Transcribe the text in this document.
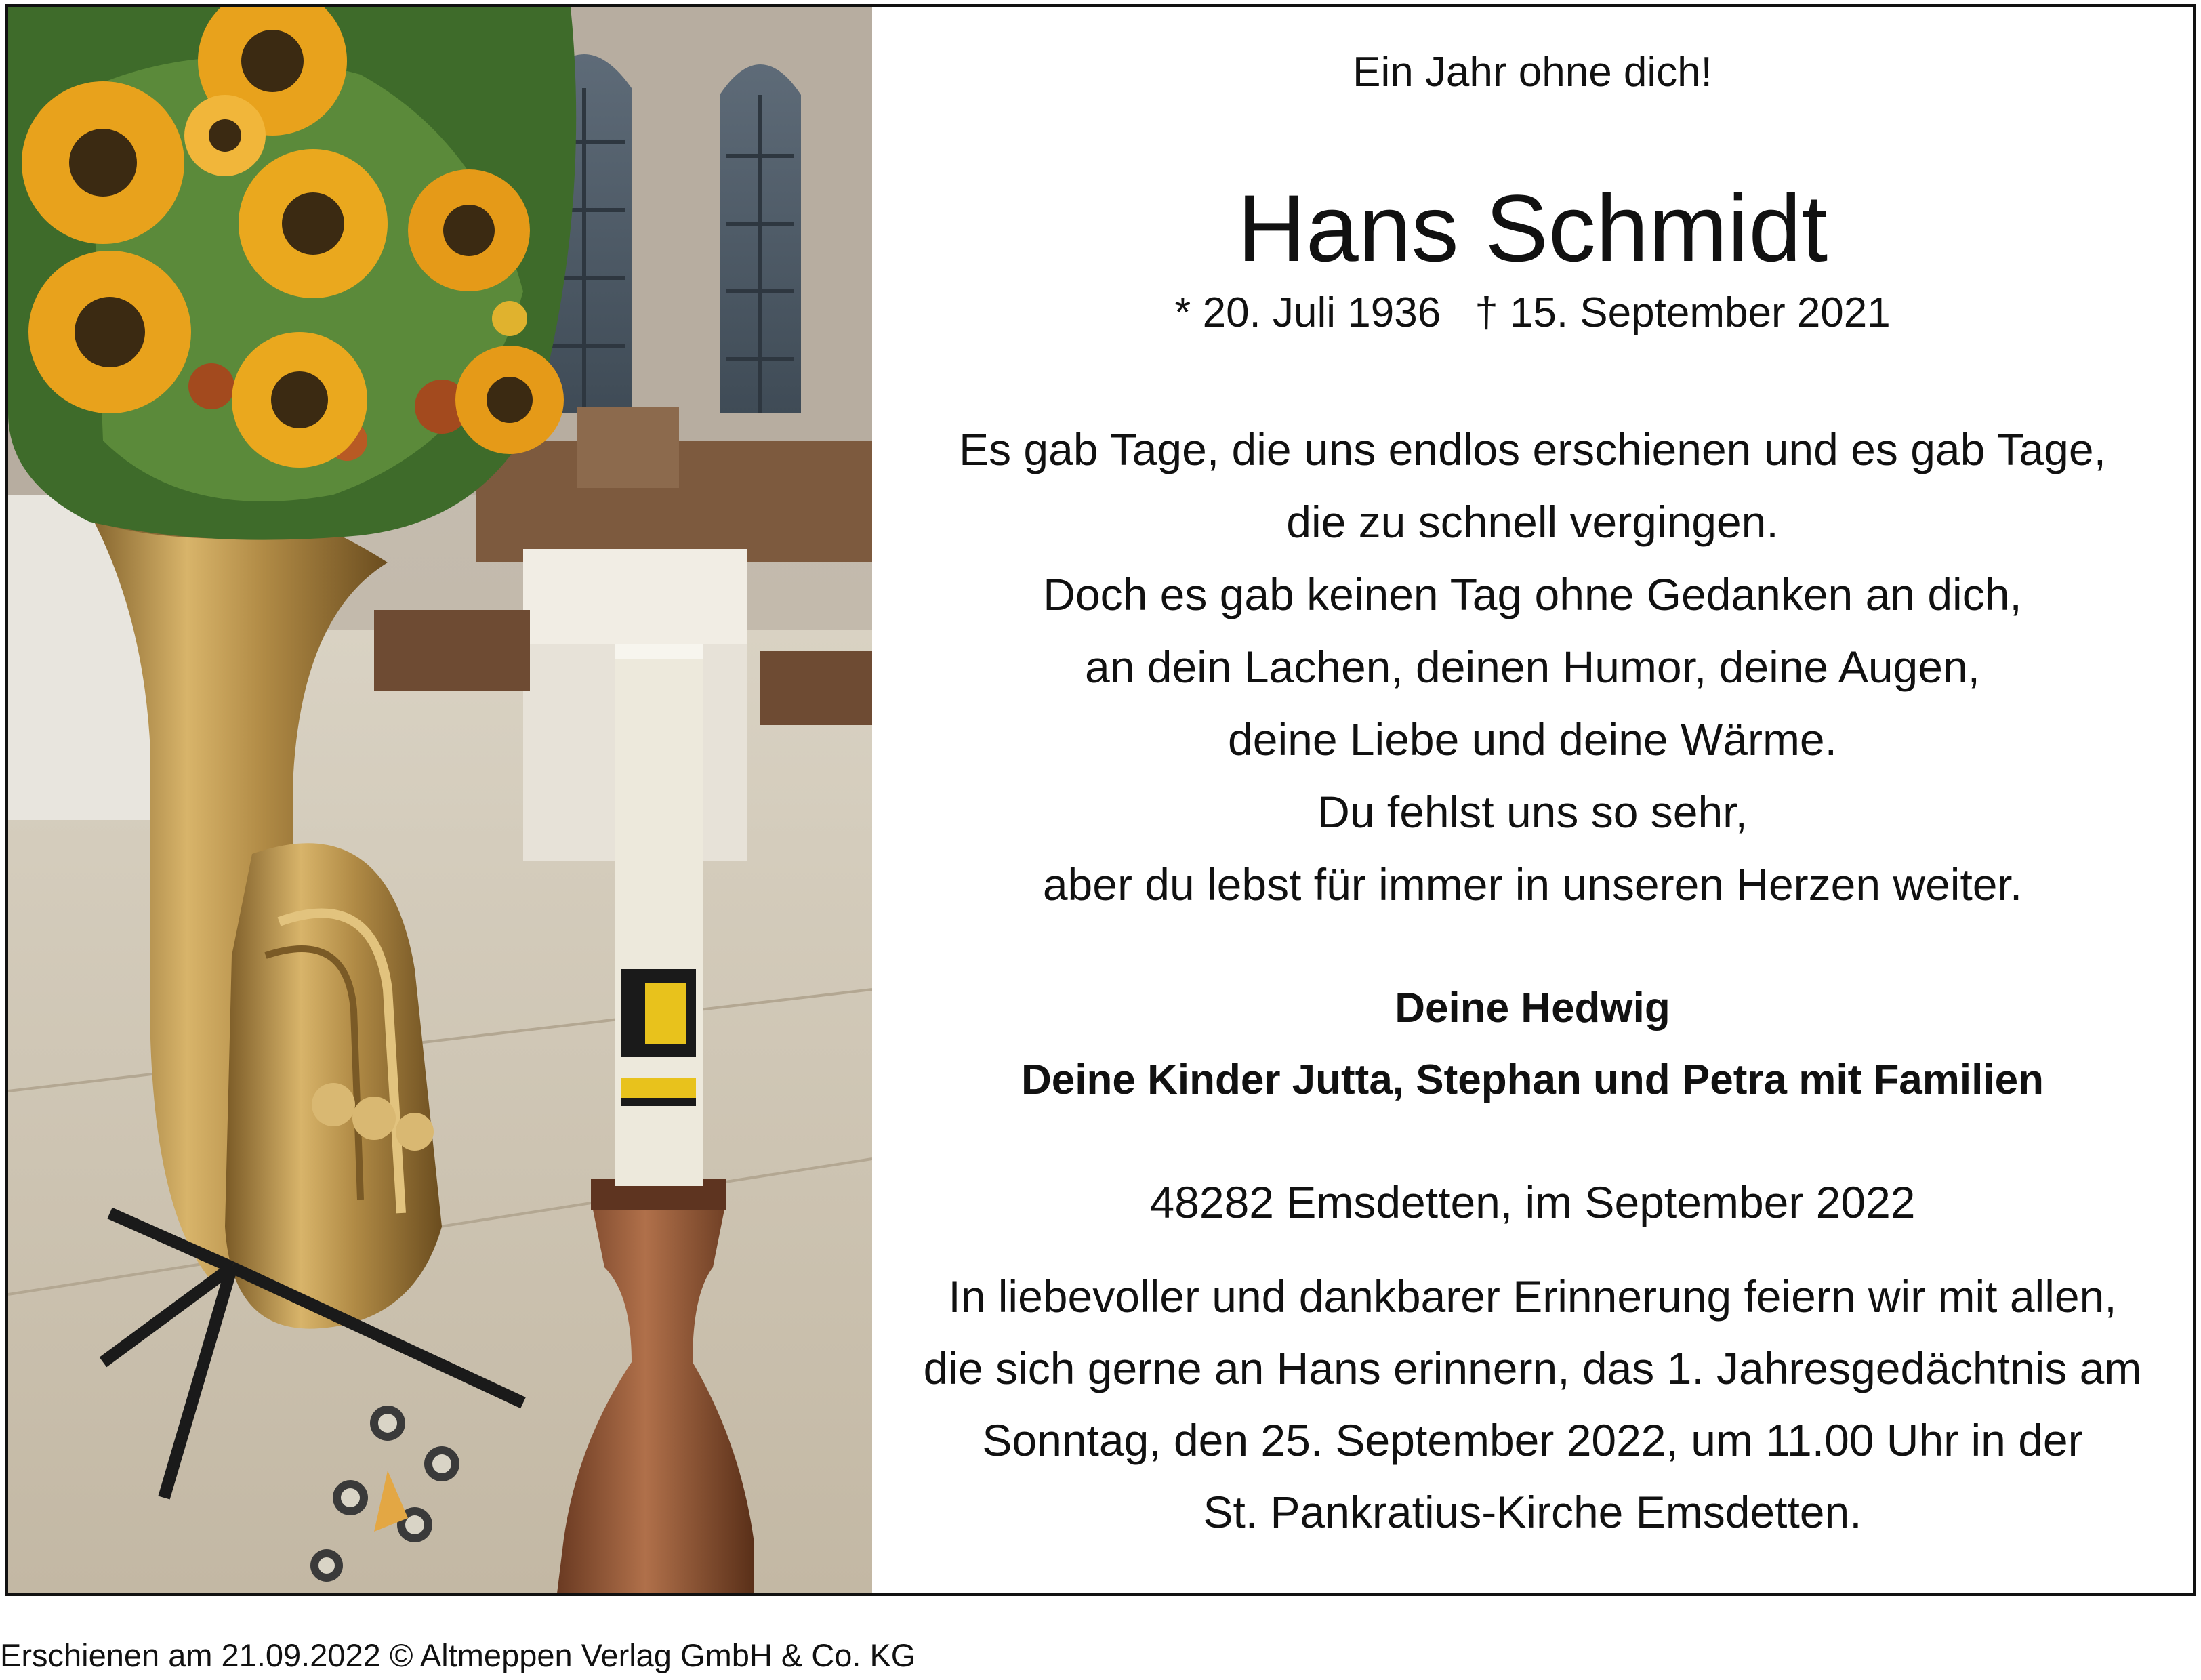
Ein Jahr ohne dich!
Hans Schmidt
* 20. Juli 1936 † 15. September 2021
Es gab Tage, die uns endlos erschienen und es gab Tage,
die zu schnell vergingen.
Doch es gab keinen Tag ohne Gedanken an dich,
an dein Lachen, deinen Humor, deine Augen,
deine Liebe und deine Wärme.
Du fehlst uns so sehr,
aber du lebst für immer in unseren Herzen weiter.
Deine Hedwig
Deine Kinder Jutta, Stephan und Petra mit Familien
48282 Emsdetten, im September 2022
In liebevoller und dankbarer Erinnerung feiern wir mit allen,
die sich gerne an Hans erinnern, das 1. Jahresgedächtnis am
Sonntag, den 25. September 2022, um 11.00 Uhr in der
St. Pankratius-Kirche Emsdetten.
Erschienen am 21.09.2022 © Altmeppen Verlag GmbH & Co. KG
